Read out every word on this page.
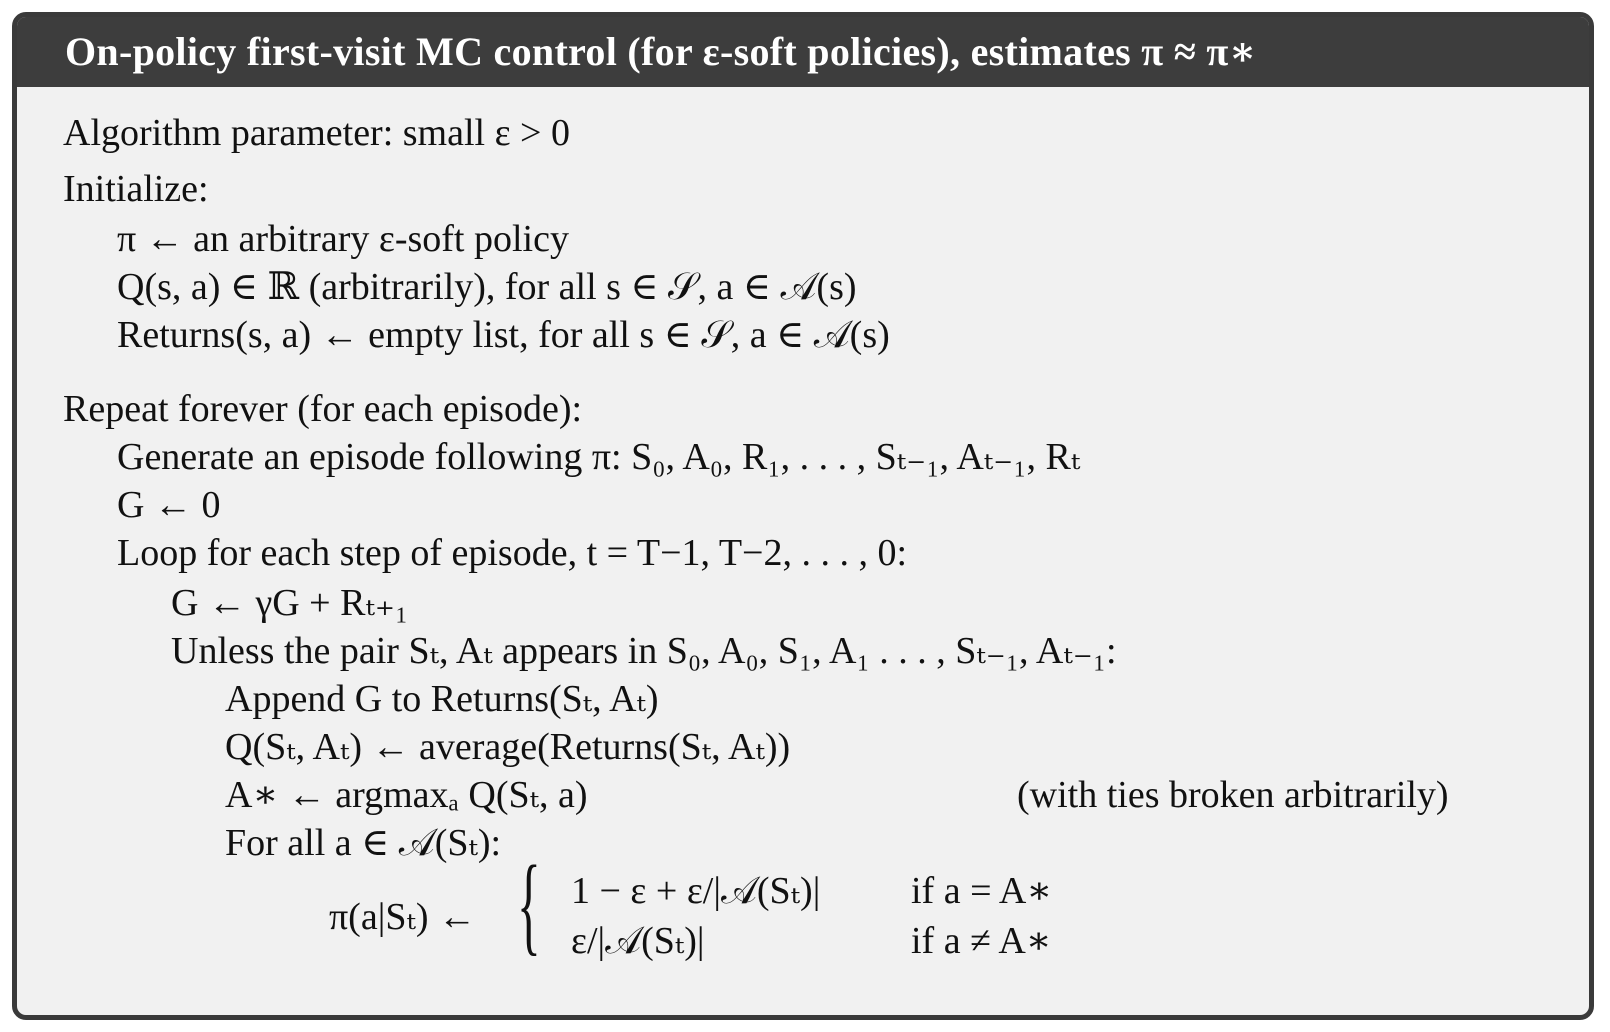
On-policy first-visit MC control (for ε-soft policies), estimates π ≈ π∗
Algorithm parameter: small ε > 0
Initialize:
π ← an arbitrary ε-soft policy
Q(s, a) ∈ ℝ (arbitrarily), for all s ∈ 𝒮, a ∈ 𝒜(s)
Returns(s, a) ← empty list, for all s ∈ 𝒮, a ∈ 𝒜(s)
Repeat forever (for each episode):
Generate an episode following π: S₀, A₀, R₁, . . . , Sₜ₋₁, Aₜ₋₁, Rₜ
G ← 0
Loop for each step of episode, t = T−1, T−2, . . . , 0:
G ← γG + Rₜ₊₁
Unless the pair Sₜ, Aₜ appears in S₀, A₀, S₁, A₁ . . . , Sₜ₋₁, Aₜ₋₁:
Append G to Returns(Sₜ, Aₜ)
Q(Sₜ, Aₜ) ← average(Returns(Sₜ, Aₜ))
A∗ ← argmaxₐ Q(Sₜ, a)	(with ties broken arbitrarily)
For all a ∈ 𝒜(Sₜ):
π(a|Sₜ) ← { 1 − ε + ε/|𝒜(Sₜ)| if a = A∗
ε/|𝒜(Sₜ)|	if a ≠ A∗
